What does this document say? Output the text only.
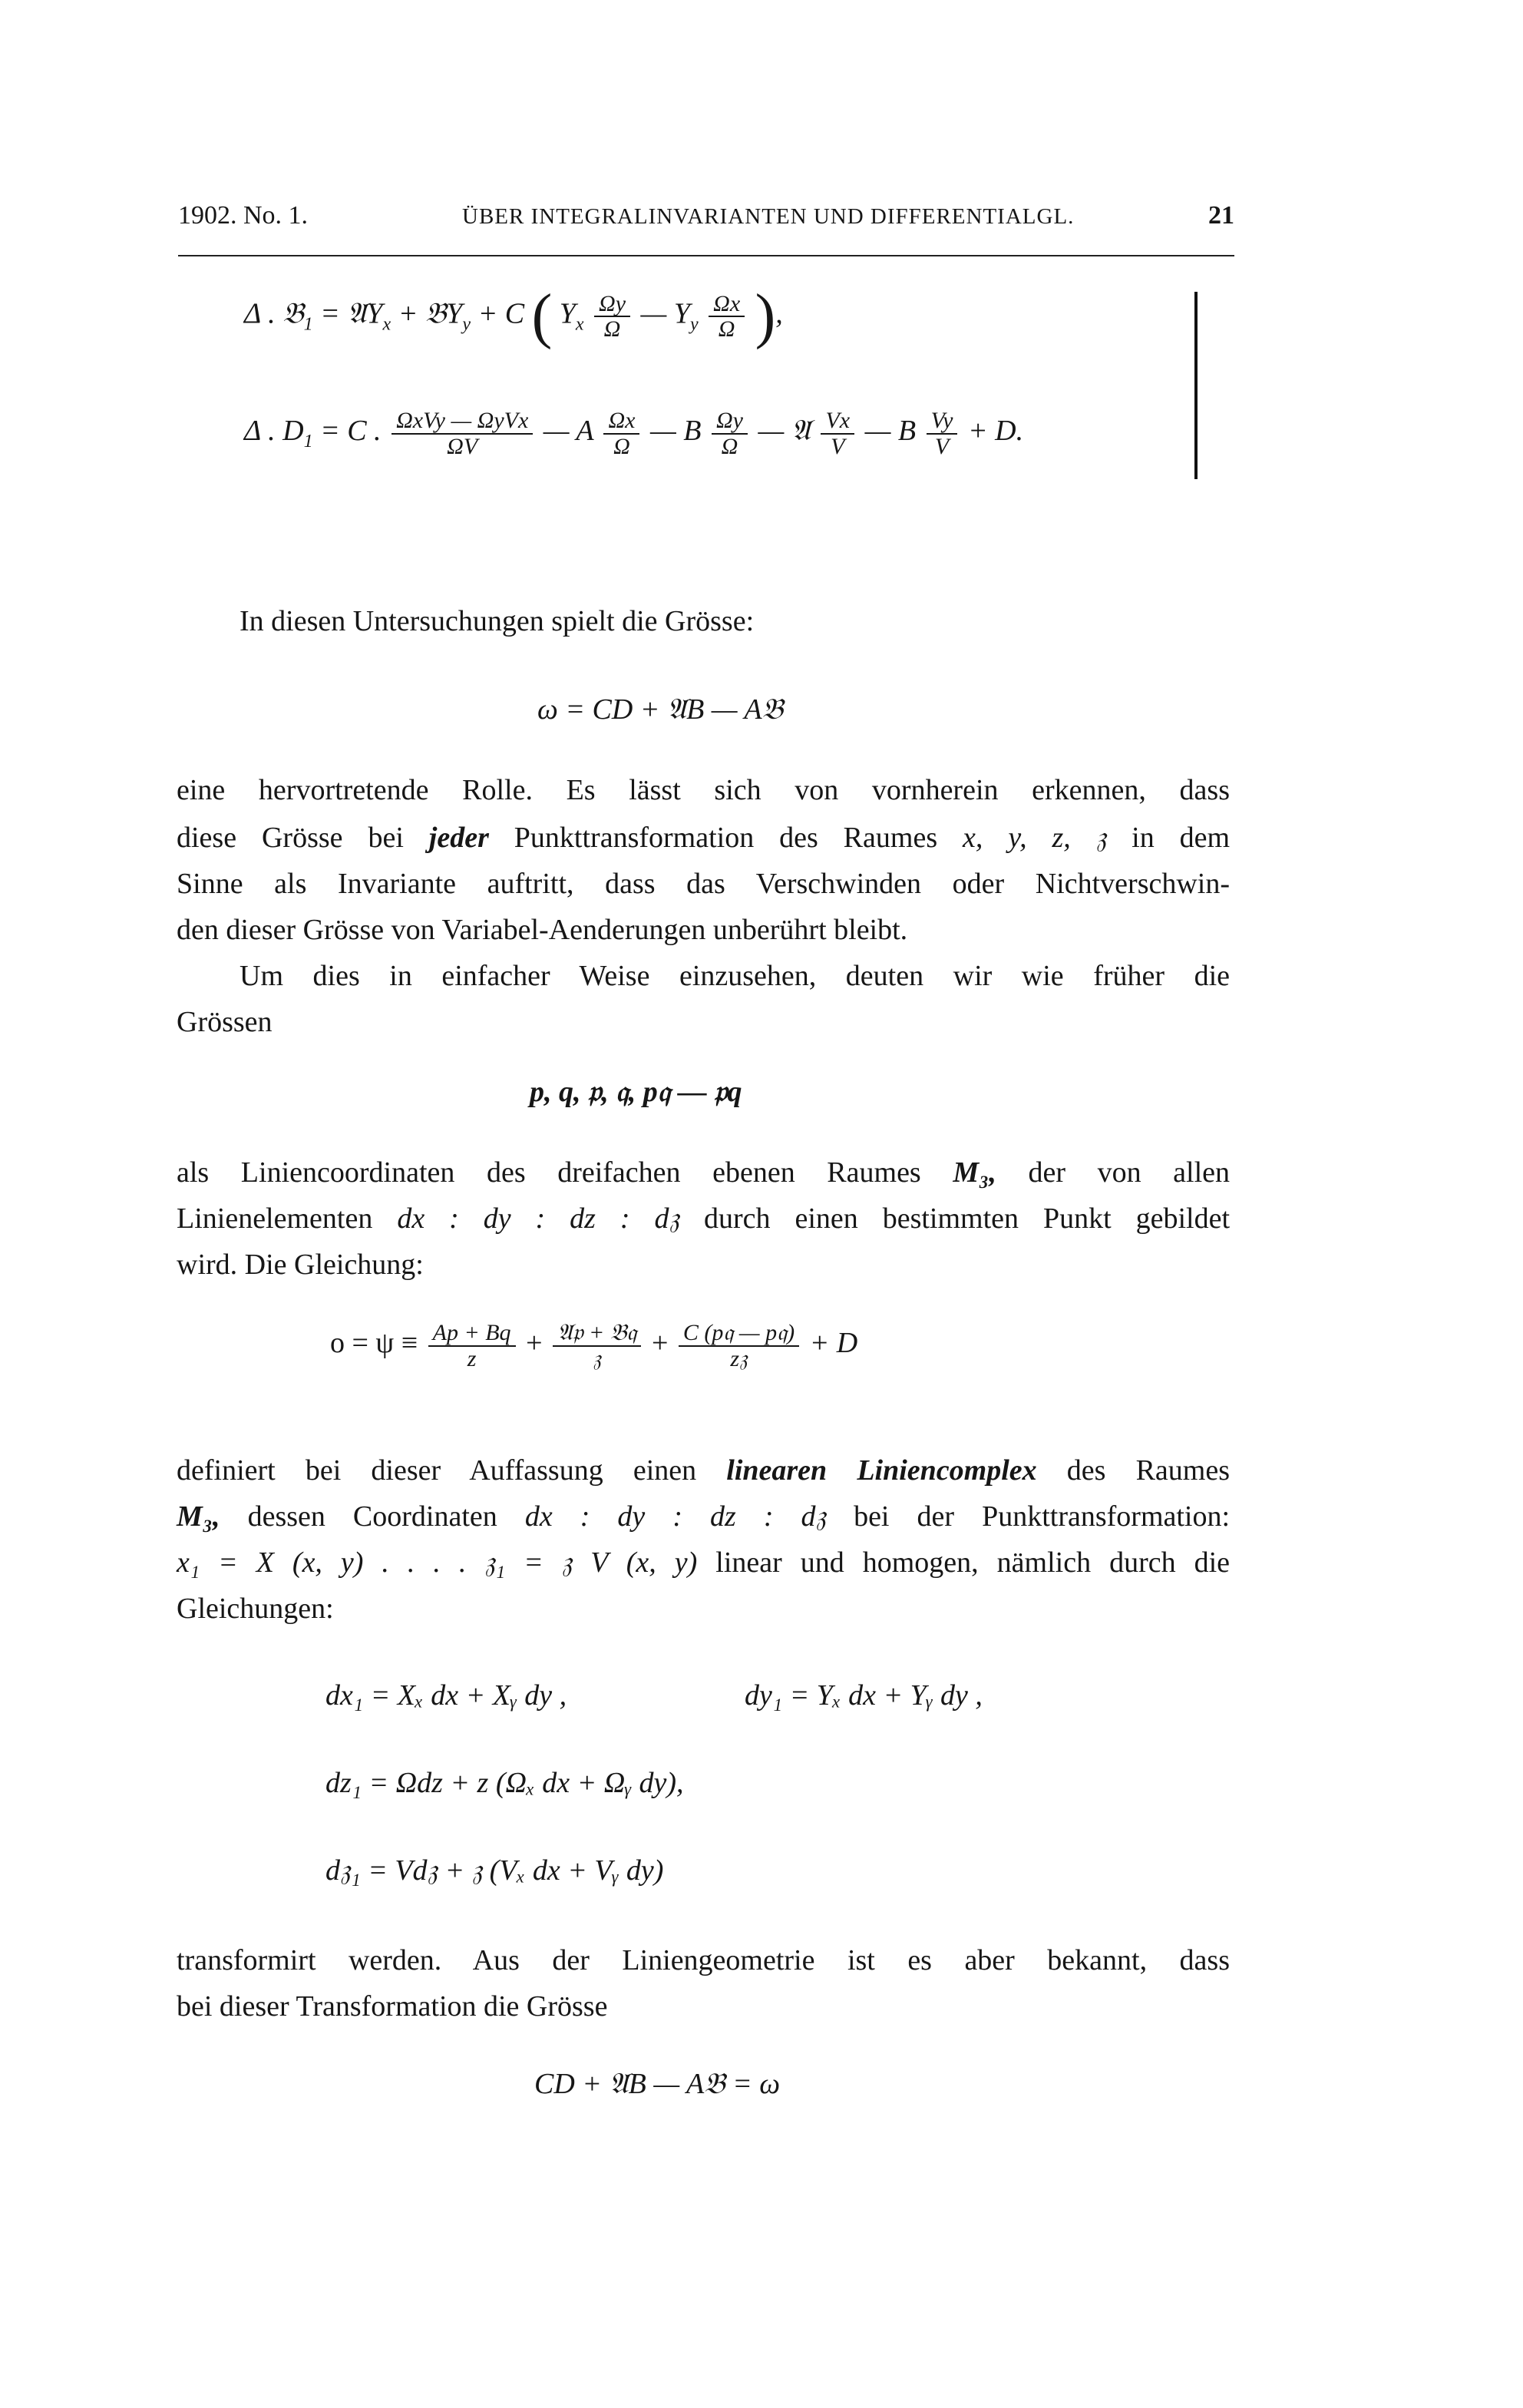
1902. No. 1.	ÜBER INTEGRALINVARIANTEN UND DIFFERENTIALGL.	21
Δ . 𝔅$_1$ = 𝔄Y$_x$ + 𝔅Y$_y$ + C ( $Y_x \frac{\Omega y}{\Omega}$ — $Y_y \frac{\Omega x}{\Omega}$ ),
Δ . $D_1 = C$ . $\frac{\text{ΩxVy — ΩyVx}}{\Omega V}$ — A $\frac{\Omega x}{\Omega}$ — B $\frac{\Omega y}{\Omega}$ — 𝔄 $\frac{Vx}{V}$ — B $\frac{Vy}{V} + D$.
In diesen Untersuchungen spielt die Grösse:
ω = CD + 𝔄B — A𝔅
eine hervortretende Rolle. Es lässt sich von vornherein erkennen, dass
diese Grösse bei jeder Punkttransformation des Raumes x, y, z, 𝔷 in dem
Sinne als Invariante auftritt, dass das Verschwinden oder Nichtverschwin-
den dieser Grösse von Variabel-Aenderungen unberührt bleibt.
Um dies in einfacher Weise einzusehen, deuten wir wie früher die
Grössen
p, q, 𝔭, 𝔮, p𝔮 — 𝔭q
als Liniencoordinaten des dreifachen ebenen Raumes M₃, der von allen
Linienelementen dx : dy : dz : d𝔷 durch einen bestimmten Punkt gebildet
wird. Die Gleichung:
$o = \psi \equiv \frac{Ap + Bq}{z} + \frac{\text{𝔄𝔭 + 𝔅𝔮}}{\text{𝔷}} + \frac{\text{C (p𝔮 — p𝔮)}}{\text{z𝔷}} + D$
definiert bei dieser Auffassung einen linearen Liniencomplex des Raumes
M₃, dessen Coordinaten dx : dy : dz : d𝔷 bei der Punkttransformation:
x₁ = X (x, y) . . . . 𝔷₁ = 𝔷 V (x, y) linear und homogen, nämlich durch die
Gleichungen:
dx₁ = Xₓ dx + Xᵧ dy ,	dy₁ = Yₓ dx + Yᵧ dy ,
dz₁ = Ωdz + z (Ωₓ dx + Ωᵧ dy),
d𝔷₁ = Vd𝔷 + 𝔷 (Vₓ dx + Vᵧ dy)
transformirt werden. Aus der Liniengeometrie ist es aber bekannt, dass
bei dieser Transformation die Grösse
CD + 𝔄B — A𝔅 = ω
